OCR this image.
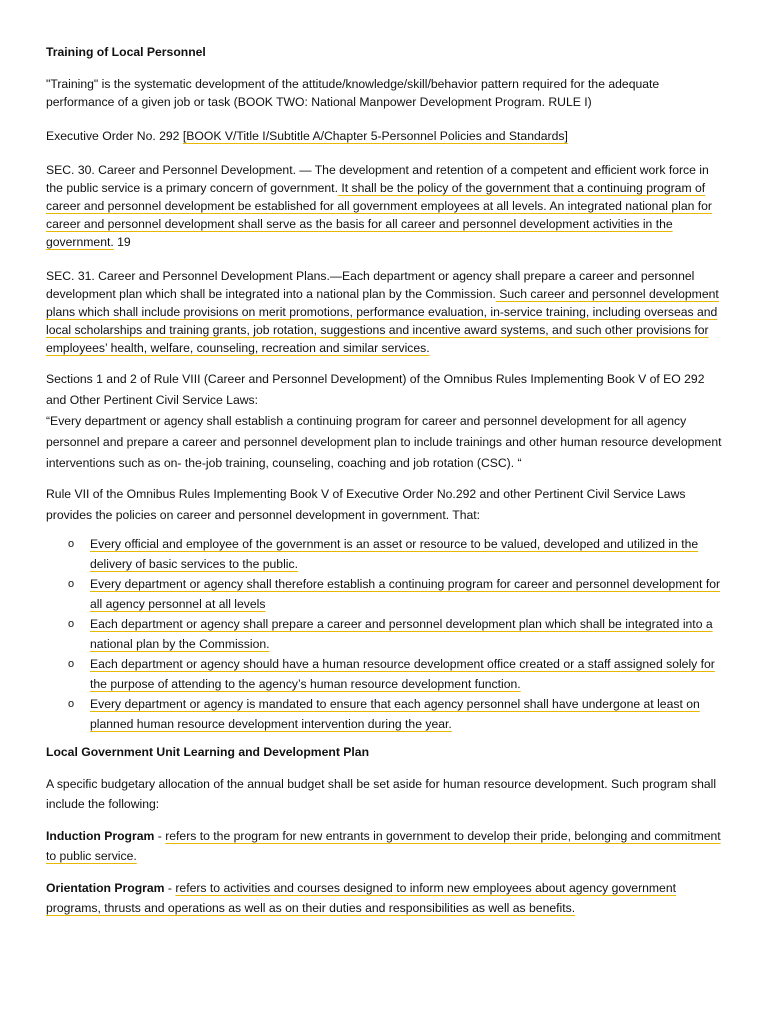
Training of Local Personnel

"Training" is the systematic development of the attitude/knowledge/skill/behavior pattern required for the adequate performance of a given job or task (BOOK TWO: National Manpower Development Program. RULE I)

Executive Order No. 292 [BOOK V/Title I/Subtitle A/Chapter 5-Personnel Policies and Standards]

SEC. 30. Career and Personnel Development. — The development and retention of a competent and efficient work force in the public service is a primary concern of government. It shall be the policy of the government that a continuing program of career and personnel development be established for all government employees at all levels. An integrated national plan for career and personnel development shall serve as the basis for all career and personnel development activities in the government. 19

SEC. 31. Career and Personnel Development Plans.—Each department or agency shall prepare a career and personnel development plan which shall be integrated into a national plan by the Commission. Such career and personnel development plans which shall include provisions on merit promotions, performance evaluation, in-service training, including overseas and local scholarships and training grants, job rotation, suggestions and incentive award systems, and such other provisions for employees’ health, welfare, counseling, recreation and similar services.

Sections 1 and 2 of Rule VIII (Career and Personnel Development) of the Omnibus Rules Implementing Book V of EO 292 and Other Pertinent Civil Service Laws:
“Every department or agency shall establish a continuing program for career and personnel development for all agency personnel and prepare a career and personnel development plan to include trainings and other human resource development interventions such as on- the-job training, counseling, coaching and job rotation (CSC). “

Rule VII of the Omnibus Rules Implementing Book V of Executive Order No.292 and other Pertinent Civil Service Laws provides the policies on career and personnel development in government. That:

o Every official and employee of the government is an asset or resource to be valued, developed and utilized in the delivery of basic services to the public.
o Every department or agency shall therefore establish a continuing program for career and personnel development for all agency personnel at all levels
o Each department or agency shall prepare a career and personnel development plan which shall be integrated into a national plan by the Commission.
o Each department or agency should have a human resource development office created or a staff assigned solely for the purpose of attending to the agency’s human resource development function.
o Every department or agency is mandated to ensure that each agency personnel shall have undergone at least on planned human resource development intervention during the year.

Local Government Unit Learning and Development Plan

A specific budgetary allocation of the annual budget shall be set aside for human resource development. Such program shall include the following:

Induction Program - refers to the program for new entrants in government to develop their pride, belonging and commitment to public service.

Orientation Program - refers to activities and courses designed to inform new employees about agency government programs, thrusts and operations as well as on their duties and responsibilities as well as benefits.
